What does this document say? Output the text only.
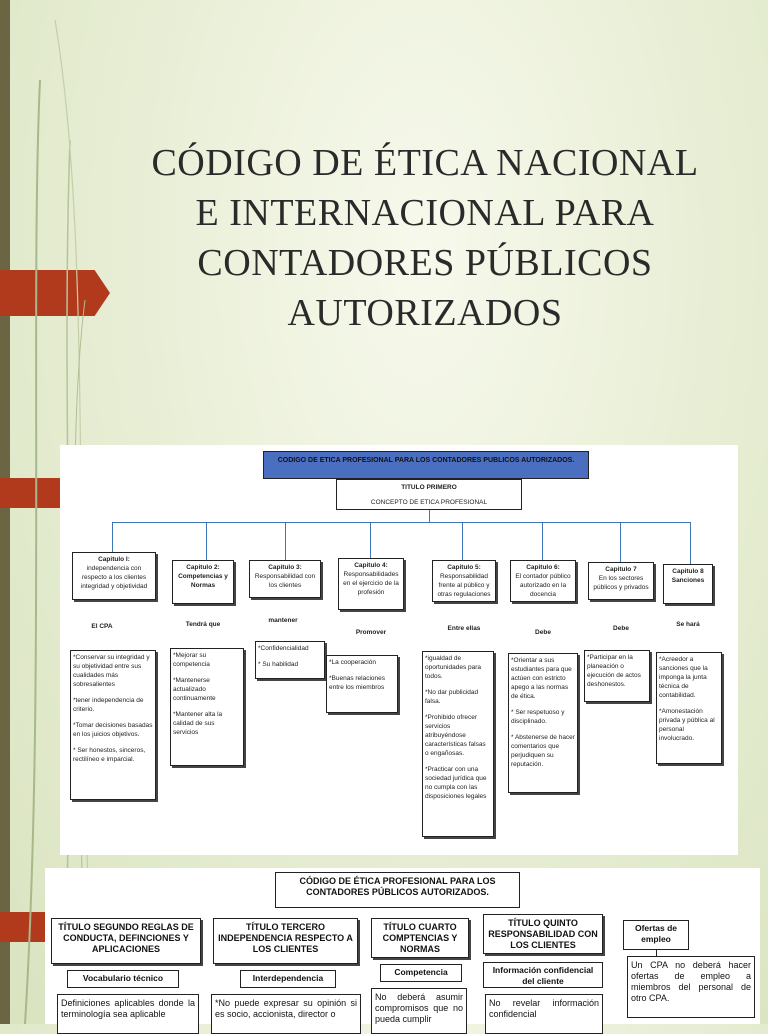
CÓDIGO DE ÉTICA NACIONAL
E INTERNACIONAL PARA
CONTADORES PÚBLICOS
AUTORIZADOS
CODIGO DE ETICA PROFESIONAL PARA LOS CONTADORES PUBLICOS AUTORIZADOS.
TITULO PRIMERO
CONCEPTO DE ETICA PROFESIONAL
Capitulo I:
independencia con respecto a los clientes integridad y objetividad
El CPA
*Conservar su integridad y su objetividad entre sus cualidades más sobresalientes
*tener independencia de criterio.
*Tomar decisiones basadas en los juicios objetivos.
* Ser honestos, sinceros, rectilíneo e imparcial.
Capitulo 2:
Competencias y Normas
Tendrá que
*Mejorar su competencia
*Mantenerse actualizado continuamente
*Mantener alta la calidad de sus servicios
Capitulo 3:
Responsabilidad con los clientes
mantener
*Confidencialidad
* Su habilidad
Capitulo 4:
Responsabilidades en el ejercicio de la profesión
Promover
*La cooperación
*Buenas relaciones entre los miembros
Capitulo 5:
Responsabilidad frente al público y otras regulaciones
Entre ellas
*igualdad de oportunidades para todos.
*No dar publicidad falsa.
*Prohibido ofrecer servicios atribuyéndose características falsas o engañosas.
*Practicar con una sociedad jurídica que no cumpla con las disposiciones legales
Capitulo 6:
El contador público autorizado en la docencia
Debe
*Orientar a sus estudiantes para que actúen con estricto apego a las normas de ética.
* Ser respetuoso y disciplinado.
* Abstenerse de hacer comentarios que perjudiquen su reputación.
Capitulo 7
En los sectores públicos y privados
Debe
*Participar en la planeación o ejecución de actos deshonestos.
Capitulo 8
Sanciones
Se hará
*Acreedor a sanciones que la imponga la junta técnica de contabilidad.
*Amonestación privada y pública al personal involucrado.
CÓDIGO DE ÉTICA PROFESIONAL PARA LOS CONTADORES PÚBLICOS AUTORIZADOS.
TÍTULO SEGUNDO REGLAS DE CONDUCTA, DEFINCIONES Y APLICACIONES
Vocabulario técnico
Definiciones aplicables donde la terminología sea aplicable
TÍTULO TERCERO INDEPENDENCIA RESPECTO A LOS CLIENTES
Interdependencia
*No puede expresar su opinión si es socio, accionista, director o
TÍTULO CUARTO COMPTENCIAS Y NORMAS
Competencia
No deberá asumir compromisos que no pueda cumplir
TÍTULO QUINTO RESPONSABILIDAD CON LOS CLIENTES
Información confidencial del cliente
No revelar información confidencial
Ofertas de empleo
Un CPA no deberá hacer ofertas de empleo a miembros del personal de otro CPA.
